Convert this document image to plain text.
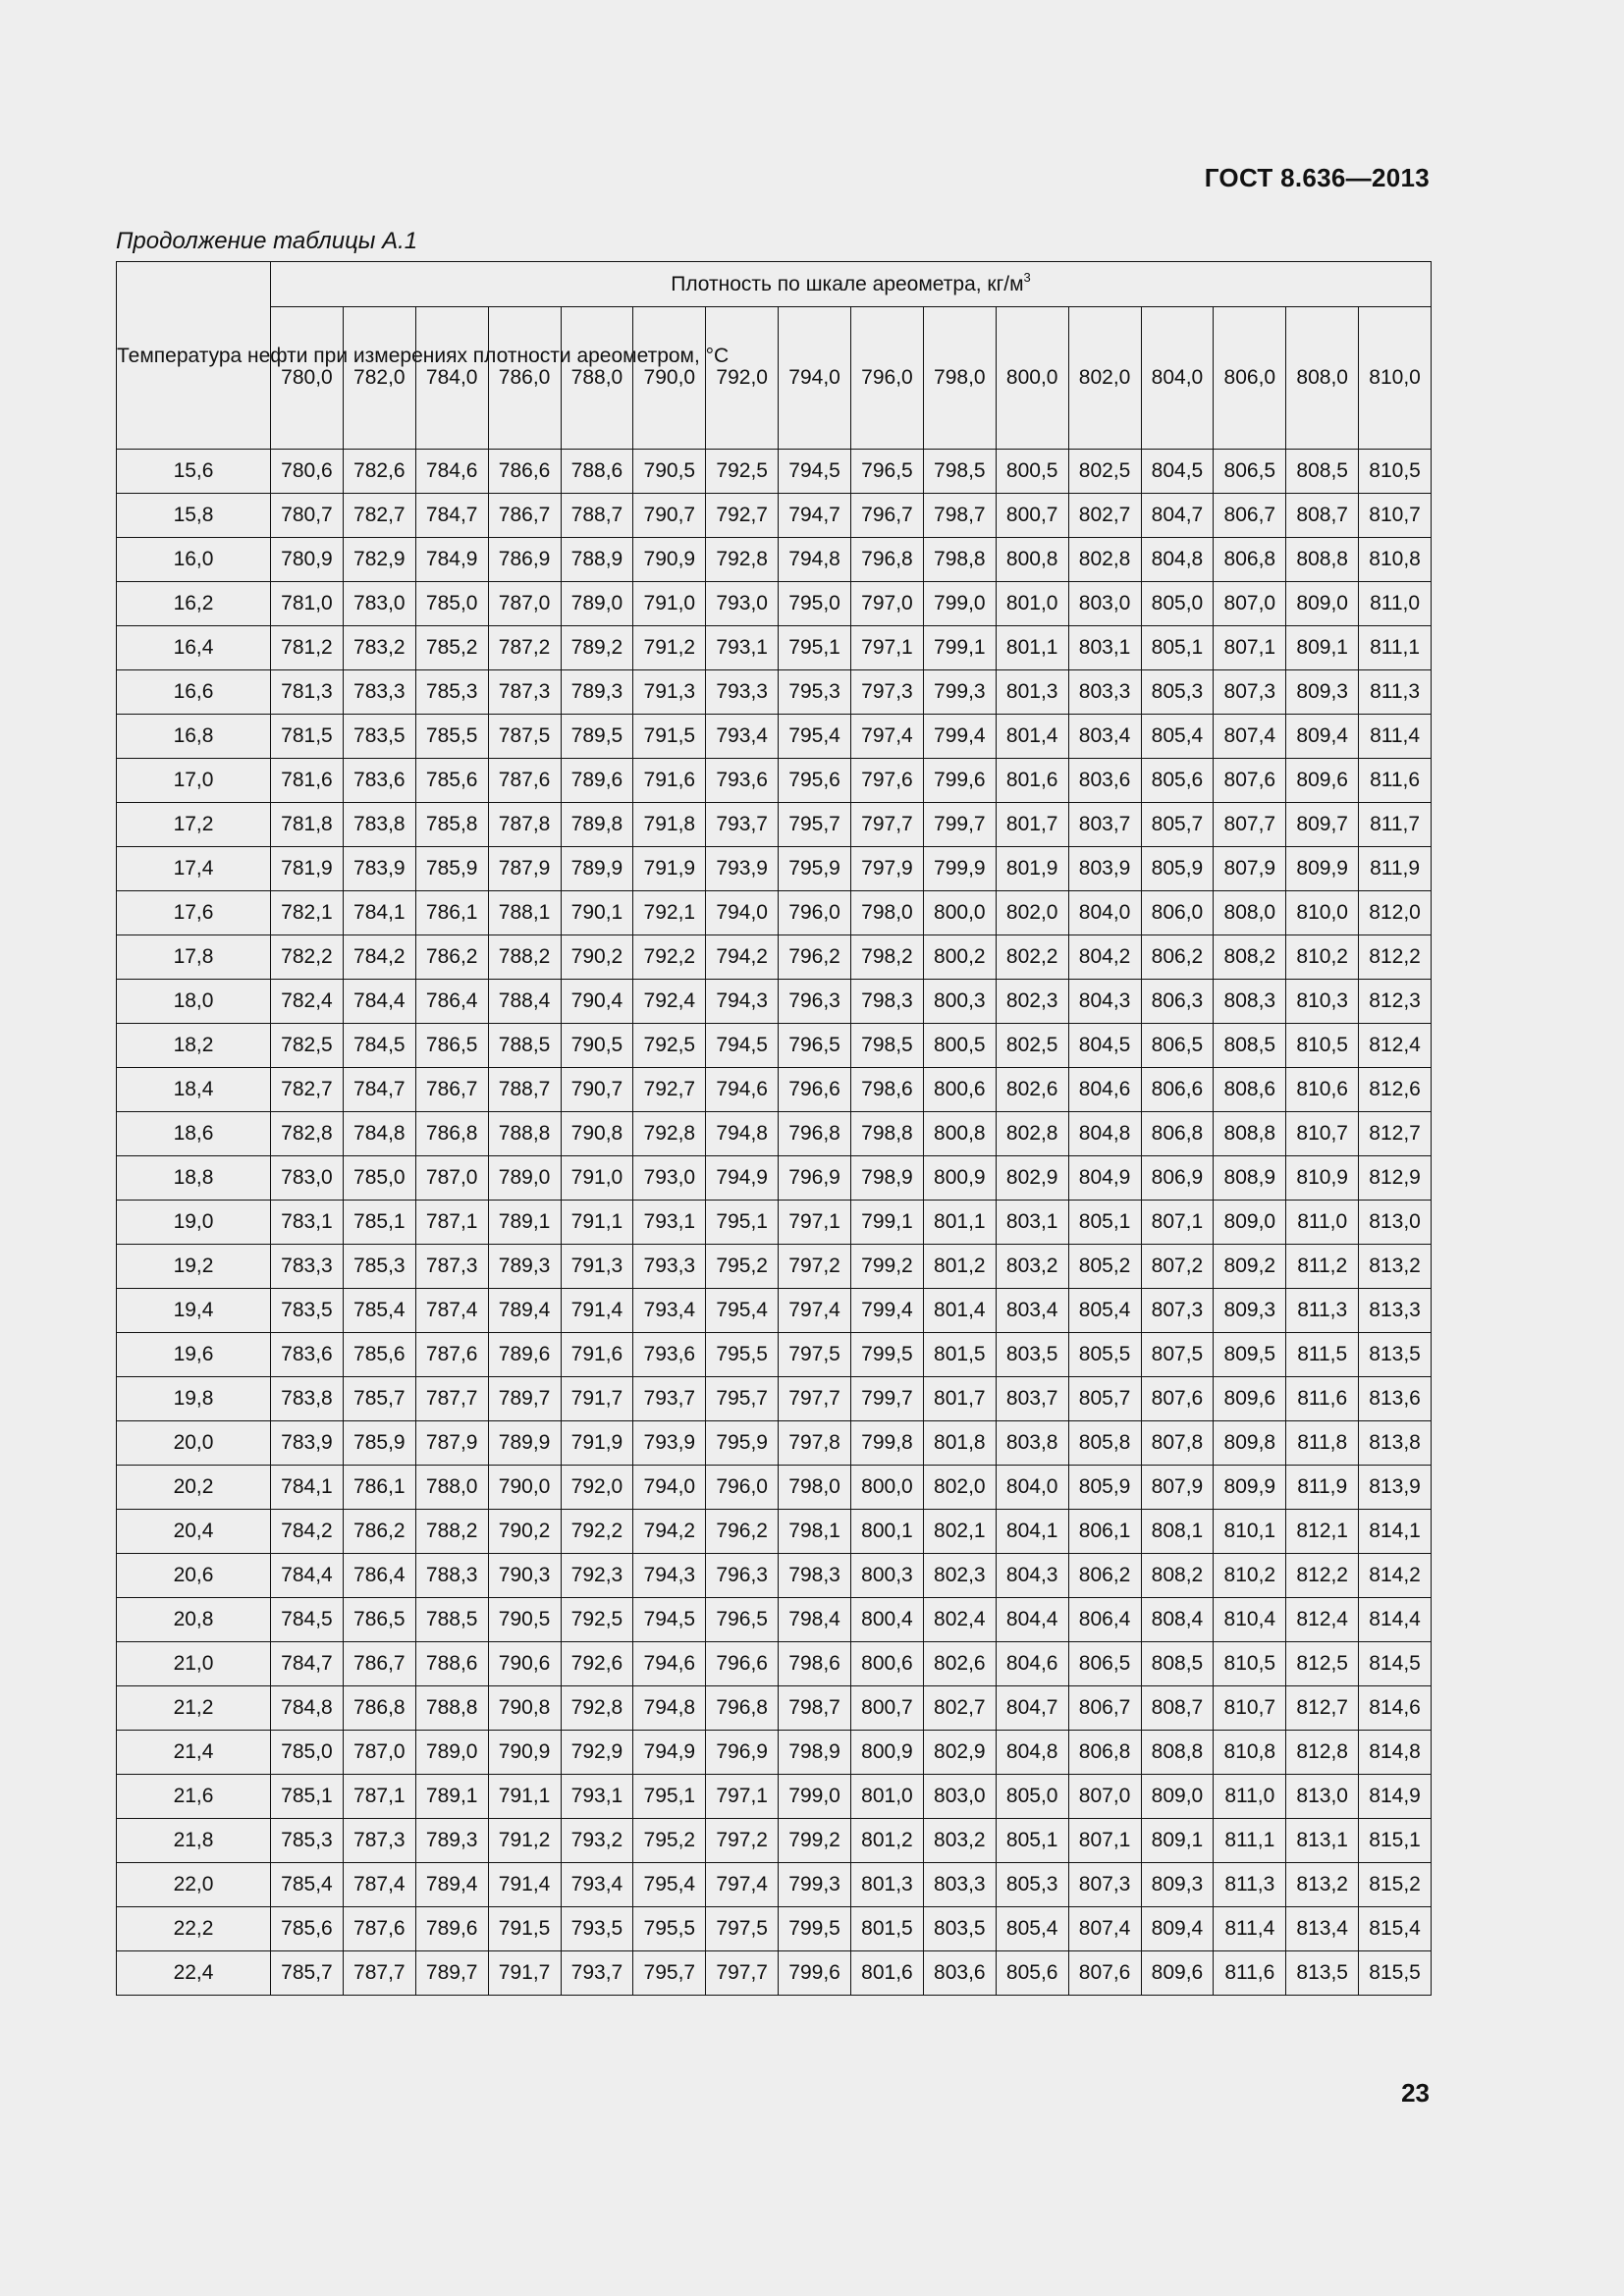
ГОСТ 8.636—2013
Продолжение таблицы А.1
Температура нефти при измерениях плотности ареометром, °С	Плотность по шкале ареометра, $кг/м^3$
	780,0	782,0	784,0	786,0	788,0	790,0	792,0	794,0	796,0	798,0	800,0	802,0	804,0	806,0	808,0	810,0
15,6	780,6	782,6	784,6	786,6	788,6	790,5	792,5	794,5	796,5	798,5	800,5	802,5	804,5	806,5	808,5	810,5
15,8	780,7	782,7	784,7	786,7	788,7	790,7	792,7	794,7	796,7	798,7	800,7	802,7	804,7	806,7	808,7	810,7
16,0	780,9	782,9	784,9	786,9	788,9	790,9	792,8	794,8	796,8	798,8	800,8	802,8	804,8	806,8	808,8	810,8
16,2	781,0	783,0	785,0	787,0	789,0	791,0	793,0	795,0	797,0	799,0	801,0	803,0	805,0	807,0	809,0	811,0
16,4	781,2	783,2	785,2	787,2	789,2	791,2	793,1	795,1	797,1	799,1	801,1	803,1	805,1	807,1	809,1	811,1
16,6	781,3	783,3	785,3	787,3	789,3	791,3	793,3	795,3	797,3	799,3	801,3	803,3	805,3	807,3	809,3	811,3
16,8	781,5	783,5	785,5	787,5	789,5	791,5	793,4	795,4	797,4	799,4	801,4	803,4	805,4	807,4	809,4	811,4
17,0	781,6	783,6	785,6	787,6	789,6	791,6	793,6	795,6	797,6	799,6	801,6	803,6	805,6	807,6	809,6	811,6
17,2	781,8	783,8	785,8	787,8	789,8	791,8	793,7	795,7	797,7	799,7	801,7	803,7	805,7	807,7	809,7	811,7
17,4	781,9	783,9	785,9	787,9	789,9	791,9	793,9	795,9	797,9	799,9	801,9	803,9	805,9	807,9	809,9	811,9
17,6	782,1	784,1	786,1	788,1	790,1	792,1	794,0	796,0	798,0	800,0	802,0	804,0	806,0	808,0	810,0	812,0
17,8	782,2	784,2	786,2	788,2	790,2	792,2	794,2	796,2	798,2	800,2	802,2	804,2	806,2	808,2	810,2	812,2
18,0	782,4	784,4	786,4	788,4	790,4	792,4	794,3	796,3	798,3	800,3	802,3	804,3	806,3	808,3	810,3	812,3
18,2	782,5	784,5	786,5	788,5	790,5	792,5	794,5	796,5	798,5	800,5	802,5	804,5	806,5	808,5	810,5	812,4
18,4	782,7	784,7	786,7	788,7	790,7	792,7	794,6	796,6	798,6	800,6	802,6	804,6	806,6	808,6	810,6	812,6
18,6	782,8	784,8	786,8	788,8	790,8	792,8	794,8	796,8	798,8	800,8	802,8	804,8	806,8	808,8	810,7	812,7
18,8	783,0	785,0	787,0	789,0	791,0	793,0	794,9	796,9	798,9	800,9	802,9	804,9	806,9	808,9	810,9	812,9
19,0	783,1	785,1	787,1	789,1	791,1	793,1	795,1	797,1	799,1	801,1	803,1	805,1	807,1	809,0	811,0	813,0
19,2	783,3	785,3	787,3	789,3	791,3	793,3	795,2	797,2	799,2	801,2	803,2	805,2	807,2	809,2	811,2	813,2
19,4	783,5	785,4	787,4	789,4	791,4	793,4	795,4	797,4	799,4	801,4	803,4	805,4	807,3	809,3	811,3	813,3
19,6	783,6	785,6	787,6	789,6	791,6	793,6	795,5	797,5	799,5	801,5	803,5	805,5	807,5	809,5	811,5	813,5
19,8	783,8	785,7	787,7	789,7	791,7	793,7	795,7	797,7	799,7	801,7	803,7	805,7	807,6	809,6	811,6	813,6
20,0	783,9	785,9	787,9	789,9	791,9	793,9	795,9	797,8	799,8	801,8	803,8	805,8	807,8	809,8	811,8	813,8
20,2	784,1	786,1	788,0	790,0	792,0	794,0	796,0	798,0	800,0	802,0	804,0	805,9	807,9	809,9	811,9	813,9
20,4	784,2	786,2	788,2	790,2	792,2	794,2	796,2	798,1	800,1	802,1	804,1	806,1	808,1	810,1	812,1	814,1
20,6	784,4	786,4	788,3	790,3	792,3	794,3	796,3	798,3	800,3	802,3	804,3	806,2	808,2	810,2	812,2	814,2
20,8	784,5	786,5	788,5	790,5	792,5	794,5	796,5	798,4	800,4	802,4	804,4	806,4	808,4	810,4	812,4	814,4
21,0	784,7	786,7	788,6	790,6	792,6	794,6	796,6	798,6	800,6	802,6	804,6	806,5	808,5	810,5	812,5	814,5
21,2	784,8	786,8	788,8	790,8	792,8	794,8	796,8	798,7	800,7	802,7	804,7	806,7	808,7	810,7	812,7	814,6
21,4	785,0	787,0	789,0	790,9	792,9	794,9	796,9	798,9	800,9	802,9	804,8	806,8	808,8	810,8	812,8	814,8
21,6	785,1	787,1	789,1	791,1	793,1	795,1	797,1	799,0	801,0	803,0	805,0	807,0	809,0	811,0	813,0	814,9
21,8	785,3	787,3	789,3	791,2	793,2	795,2	797,2	799,2	801,2	803,2	805,1	807,1	809,1	811,1	813,1	815,1
22,0	785,4	787,4	789,4	791,4	793,4	795,4	797,4	799,3	801,3	803,3	805,3	807,3	809,3	811,3	813,2	815,2
22,2	785,6	787,6	789,6	791,5	793,5	795,5	797,5	799,5	801,5	803,5	805,4	807,4	809,4	811,4	813,4	815,4
22,4	785,7	787,7	789,7	791,7	793,7	795,7	797,7	799,6	801,6	803,6	805,6	807,6	809,6	811,6	813,5	815,5
23
